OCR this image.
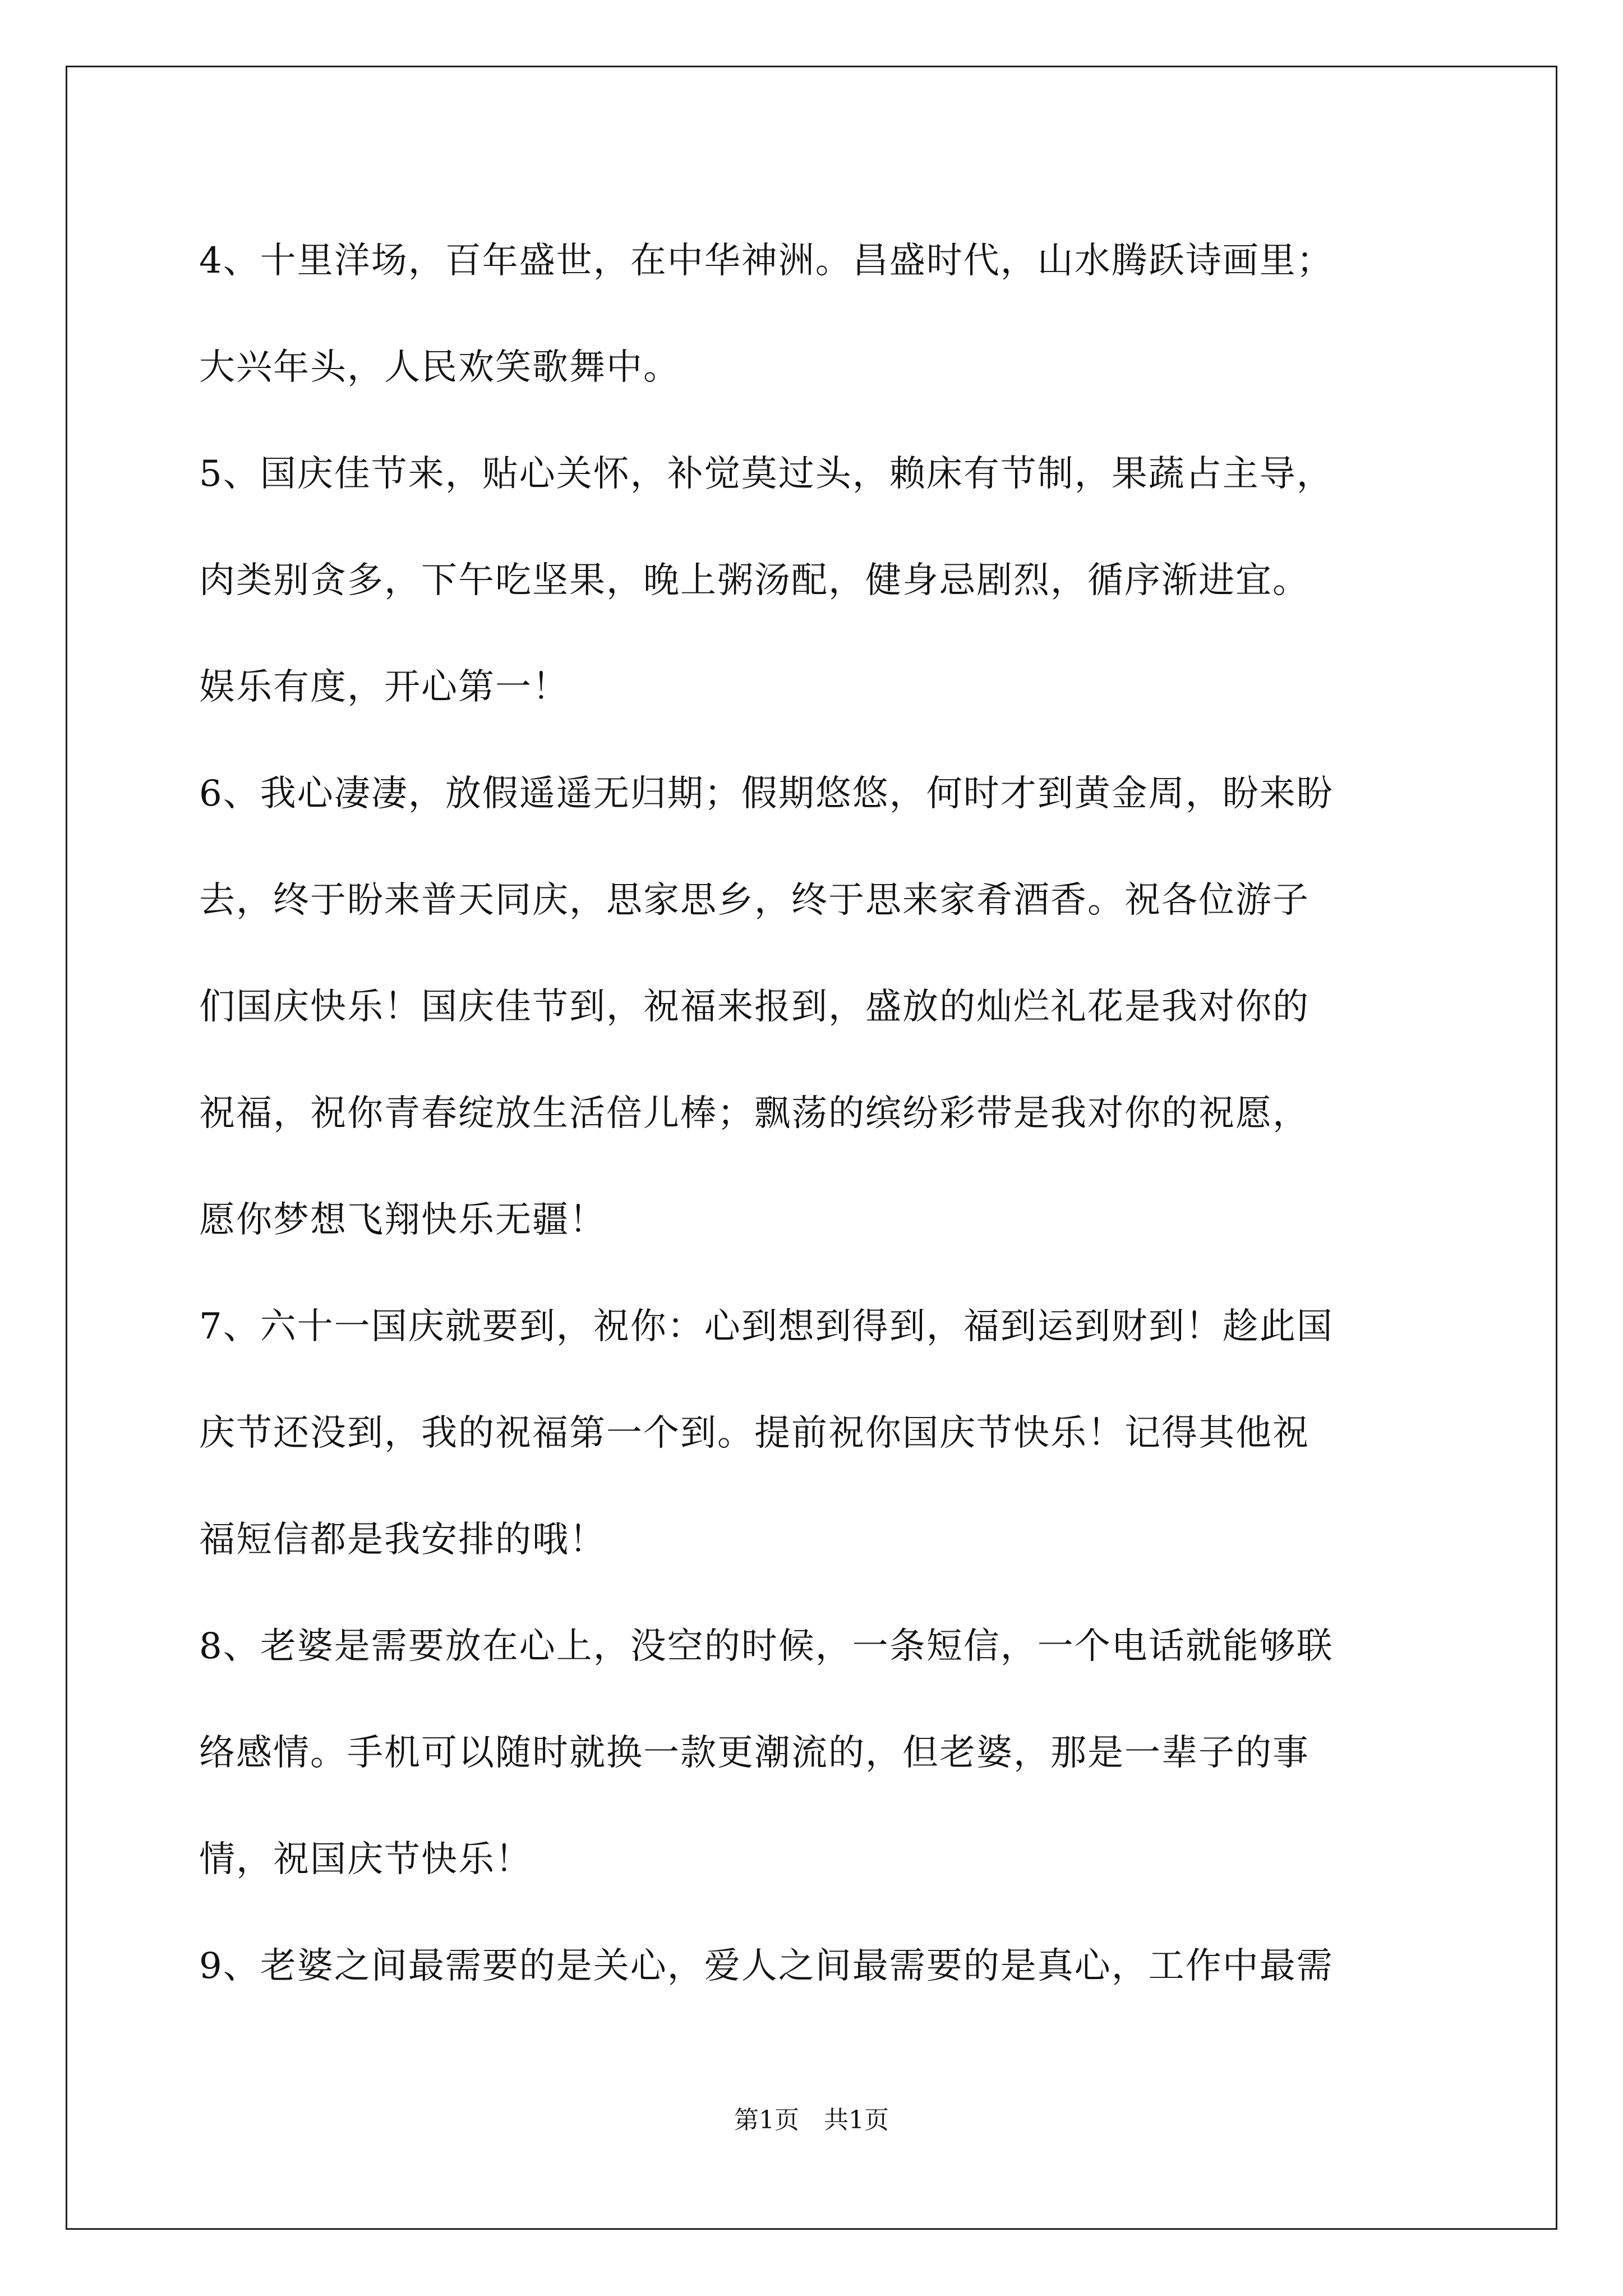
4、十里洋场，百年盛世，在中华神洲。昌盛时代，山水腾跃诗画里；
大兴年头，人民欢笑歌舞中。
5、国庆佳节来，贴心关怀，补觉莫过头，赖床有节制，果蔬占主导，
肉类别贪多，下午吃坚果，晚上粥汤配，健身忌剧烈，循序渐进宜。
娱乐有度，开心第一！
6、我心凄凄，放假遥遥无归期；假期悠悠，何时才到黄金周，盼来盼
去，终于盼来普天同庆，思家思乡，终于思来家肴酒香。祝各位游子
们国庆快乐！国庆佳节到，祝福来报到，盛放的灿烂礼花是我对你的
祝福，祝你青春绽放生活倍儿棒；飘荡的缤纷彩带是我对你的祝愿，
愿你梦想飞翔快乐无疆！
7、六十一国庆就要到，祝你：心到想到得到，福到运到财到！趁此国
庆节还没到，我的祝福第一个到。提前祝你国庆节快乐！记得其他祝
福短信都是我安排的哦！
8、老婆是需要放在心上，没空的时候，一条短信，一个电话就能够联
络感情。手机可以随时就换一款更潮流的，但老婆，那是一辈子的事
情，祝国庆节快乐！
9、老婆之间最需要的是关心，爱人之间最需要的是真心，工作中最需
第1页　共1页
